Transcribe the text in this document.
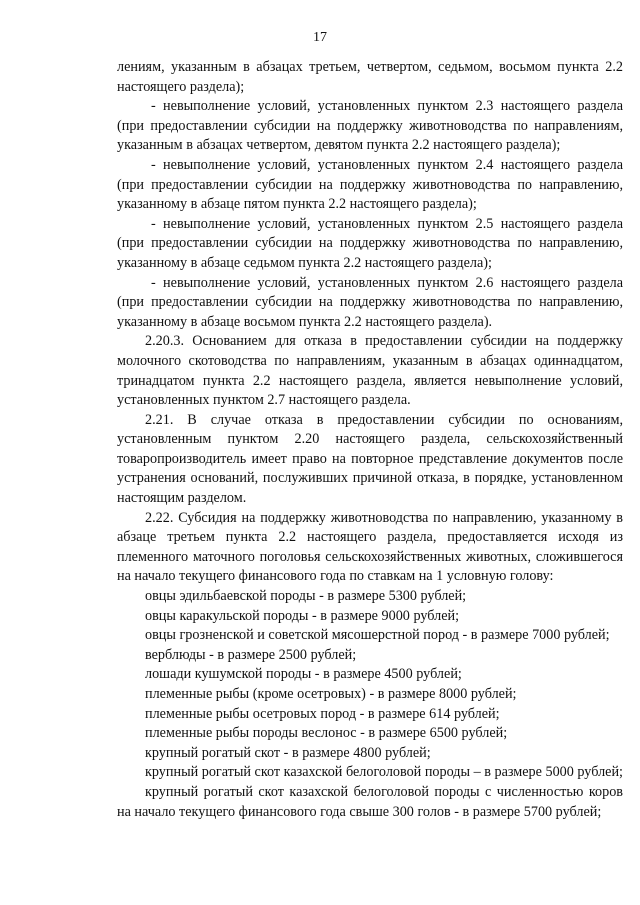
17

лениям, указанным в абзацах третьем, четвертом, седьмом, восьмом пункта 2.2 настоящего раздела);

- невыполнение условий, установленных пунктом 2.3 настоящего раздела (при предоставлении субсидии на поддержку животноводства по направлениям, указанным в абзацах четвертом, девятом пункта 2.2 настоящего раздела);

- невыполнение условий, установленных пунктом 2.4 настоящего раздела (при предоставлении субсидии на поддержку животноводства по направлению, указанному в абзаце пятом пункта 2.2 настоящего раздела);

- невыполнение условий, установленных пунктом 2.5 настоящего раздела (при предоставлении субсидии на поддержку животноводства по направлению, указанному в абзаце седьмом пункта 2.2 настоящего раздела);

- невыполнение условий, установленных пунктом 2.6 настоящего раздела (при предоставлении субсидии на поддержку животноводства по направлению, указанному в абзаце восьмом пункта 2.2 настоящего раздела).

2.20.3. Основанием для отказа в предоставлении субсидии на поддержку молочного скотоводства по направлениям, указанным в абзацах одиннадцатом, тринадцатом пункта 2.2 настоящего раздела, является невыполнение условий, установленных пунктом 2.7 настоящего раздела.

2.21. В случае отказа в предоставлении субсидии по основаниям, установленным пунктом 2.20 настоящего раздела, сельскохозяйственный товаропроизводитель имеет право на повторное представление документов после устранения оснований, послуживших причиной отказа, в порядке, установленном настоящим разделом.

2.22. Субсидия на поддержку животноводства по направлению, указанному в абзаце третьем пункта 2.2 настоящего раздела, предоставляется исходя из племенного маточного поголовья сельскохозяйственных животных, сложившегося на начало текущего финансового года по ставкам на 1 условную голову:

овцы эдильбаевской породы - в размере 5300 рублей;

овцы каракульской породы - в размере 9000 рублей;

овцы грозненской и советской мясошерстной пород - в размере 7000 рублей;

верблюды - в размере 2500 рублей;

лошади кушумской породы - в размере 4500 рублей;

племенные рыбы (кроме осетровых) - в размере 8000 рублей;

племенные рыбы осетровых пород - в размере 614 рублей;

племенные рыбы породы веслонос - в размере 6500 рублей;

крупный рогатый скот - в размере 4800 рублей;

крупный рогатый скот казахской белоголовой породы – в размере 5000 рублей;

крупный рогатый скот казахской белоголовой породы с численностью коров на начало текущего финансового года свыше 300 голов - в размере 5700 рублей;
